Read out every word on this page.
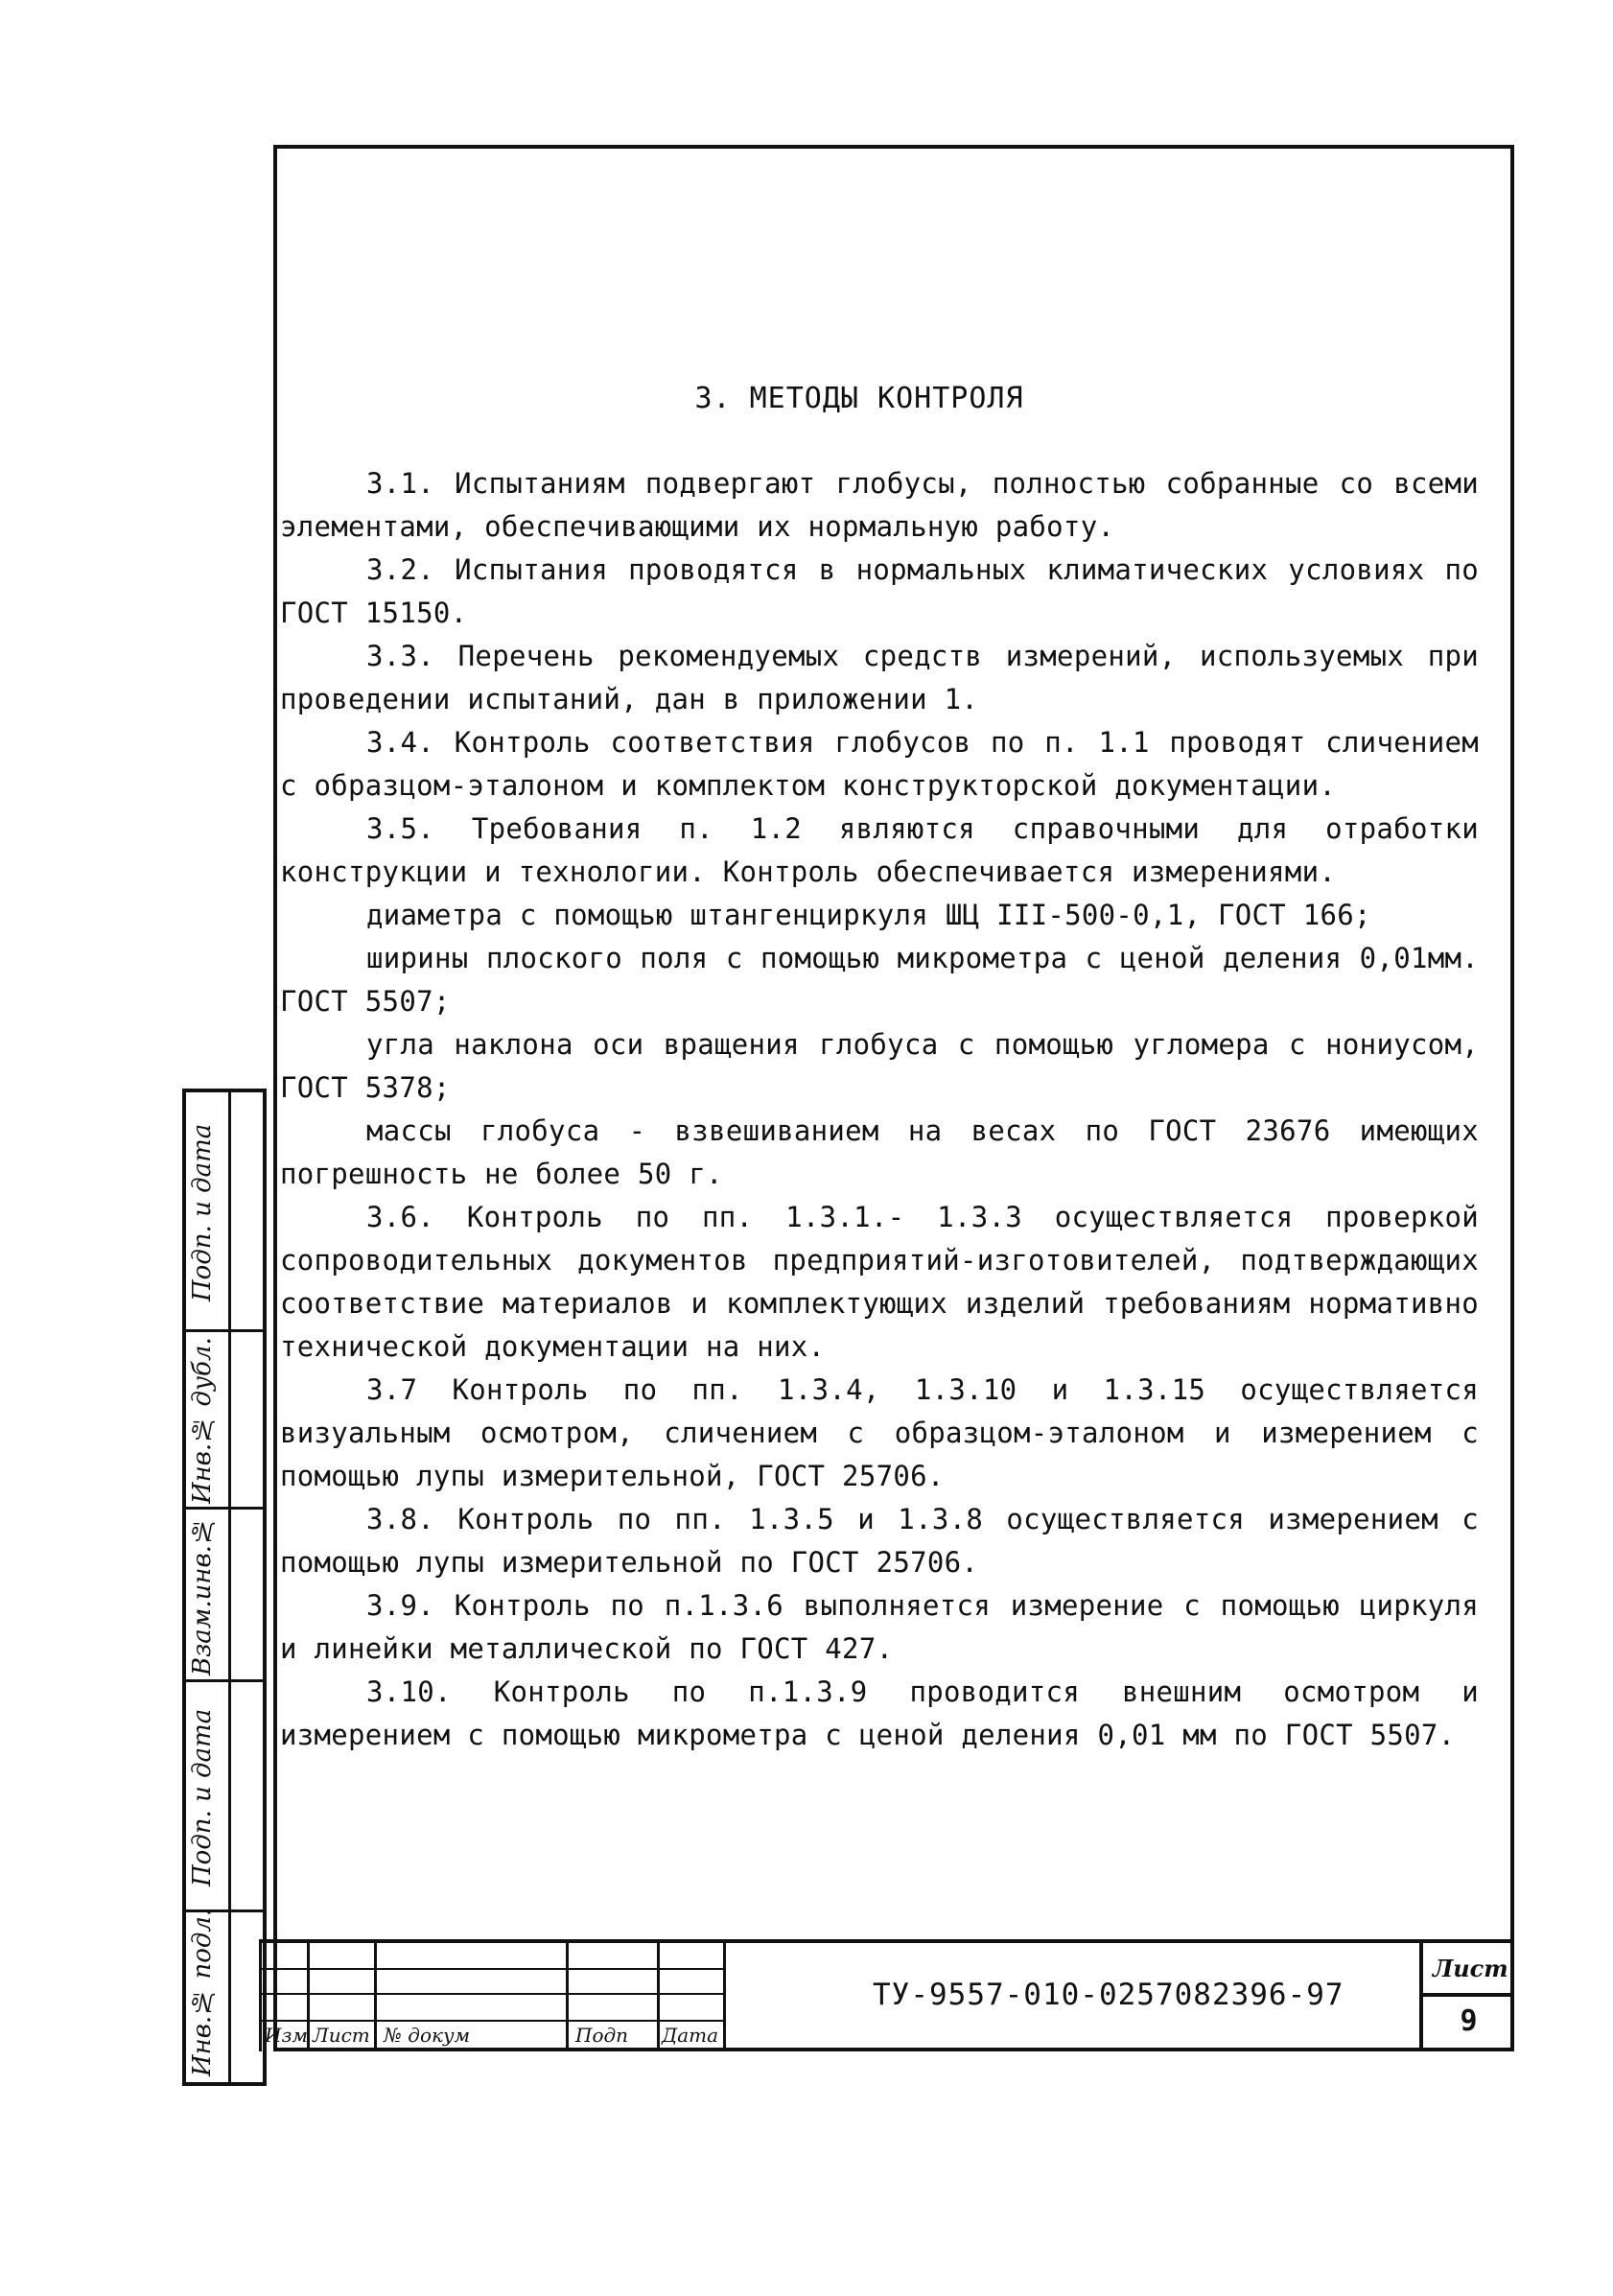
3. МЕТОДЫ КОНТРОЛЯ

3.1. Испытаниям подвергают глобусы, полностью собранные со всеми элементами, обеспечивающими их нормальную работу.

3.2. Испытания проводятся в нормальных климатических условиях по ГОСТ 15150.

3.3. Перечень рекомендуемых средств измерений, используемых при проведении испытаний, дан в приложении 1.

3.4. Контроль соответствия глобусов по п. 1.1 проводят сличением с образцом-эталоном и комплектом конструкторской документации.

3.5. Требования п. 1.2 являются справочными для отработки конструкции и технологии. Контроль обеспечивается измерениями.

диаметра с помощью штангенциркуля ШЦ III-500-0,1, ГОСТ 166;

ширины плоского поля с помощью микрометра с ценой деления 0,01мм. ГОСТ 5507;

угла наклона оси вращения глобуса с помощью угломера с нониусом, ГОСТ 5378;

массы глобуса - взвешиванием на весах по ГОСТ 23676 имеющих погрешность не более 50 г.

3.6. Контроль по пп. 1.3.1.- 1.3.3 осуществляется проверкой сопроводительных документов предприятий-изготовителей, подтверждающих соответствие материалов и комплектующих изделий требованиям нормативно технической документации на них.

3.7 Контроль по пп. 1.3.4, 1.3.10 и 1.3.15 осуществляется визуальным осмотром, сличением с образцом-эталоном и измерением с помощью лупы измерительной, ГОСТ 25706.

3.8. Контроль по пп. 1.3.5 и 1.3.8 осуществляется измерением с помощью лупы измерительной по ГОСТ 25706.

3.9. Контроль по п.1.3.6 выполняется измерение с помощью циркуля и линейки металлической по ГОСТ 427.

3.10. Контроль по п.1.3.9 проводится внешним осмотром и измерением с помощью микрометра с ценой деления 0,01 мм по ГОСТ 5507.

Подп. и дата
Инв.№ дубл.
Взам.инв.№
Подп. и дата
Инв.№ подл.	Изм Лист № докум	Подп Дата
ТУ-9557-010-0257082396-97
Лист
9
